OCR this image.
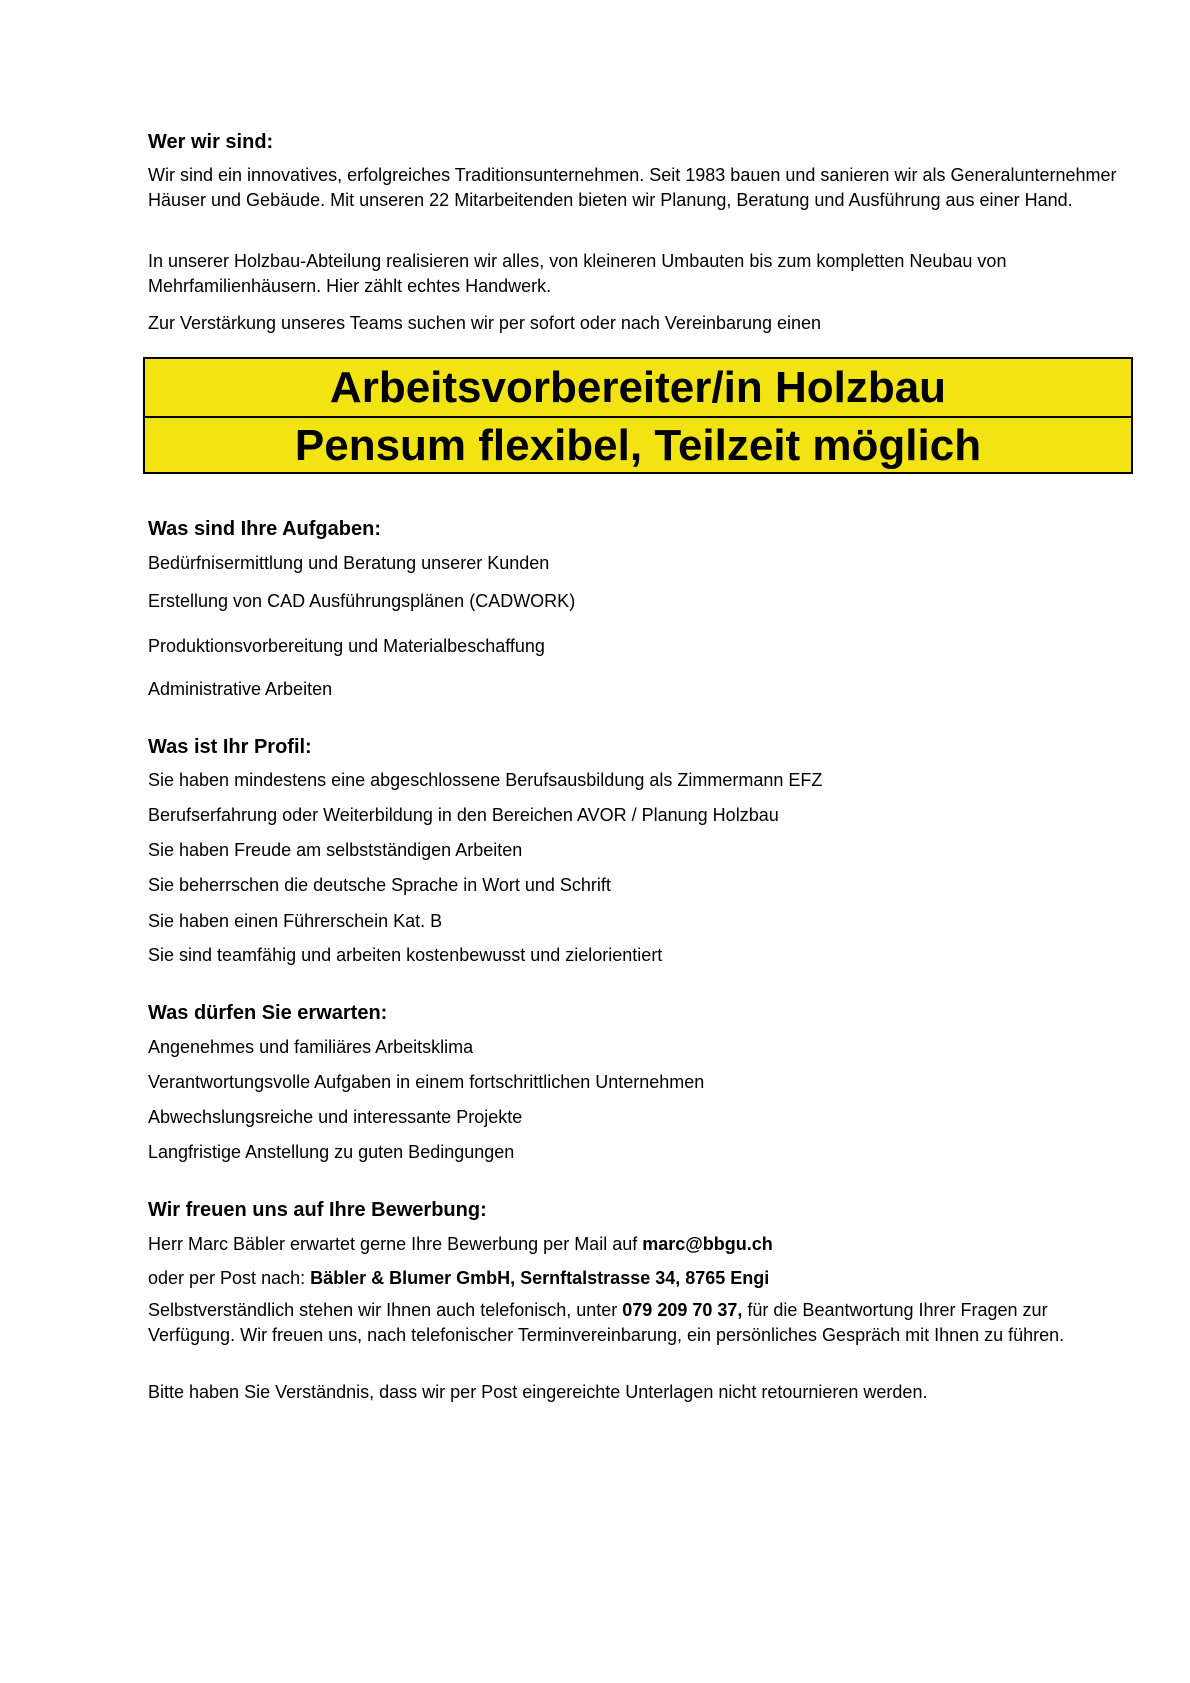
Wer wir sind:

Wir sind ein innovatives, erfolgreiches Traditionsunternehmen. Seit 1983 bauen und sanieren wir als Generalunternehmer Häuser und Gebäude. Mit unseren 22 Mitarbeitenden bieten wir Planung, Beratung und Ausführung aus einer Hand.

In unserer Holzbau-Abteilung realisieren wir alles, von kleineren Umbauten bis zum kompletten Neubau von Mehrfamilienhäusern. Hier zählt echtes Handwerk.

Zur Verstärkung unseres Teams suchen wir per sofort oder nach Vereinbarung einen

Was sind Ihre Aufgaben:

Bedürfnisermittlung und Beratung unserer Kunden

Erstellung von CAD Ausführungsplänen (CADWORK)

Produktionsvorbereitung und Materialbeschaffung

Administrative Arbeiten

Was ist Ihr Profil:

Sie haben mindestens eine abgeschlossene Berufsausbildung als Zimmermann EFZ

Berufserfahrung oder Weiterbildung in den Bereichen AVOR / Planung Holzbau

Sie haben Freude am selbstständigen Arbeiten

Sie beherrschen die deutsche Sprache in Wort und Schrift

Sie haben einen Führerschein Kat. B

Sie sind teamfähig und arbeiten kostenbewusst und zielorientiert

Was dürfen Sie erwarten:

Angenehmes und familiäres Arbeitsklima

Verantwortungsvolle Aufgaben in einem fortschrittlichen Unternehmen

Abwechslungsreiche und interessante Projekte

Langfristige Anstellung zu guten Bedingungen

Wir freuen uns auf Ihre Bewerbung:

Herr Marc Bäbler erwartet gerne Ihre Bewerbung per Mail auf marc@bbgu.ch

oder per Post nach: Bäbler & Blumer GmbH, Sernftalstrasse 34, 8765 Engi

Selbstverständlich stehen wir Ihnen auch telefonisch, unter 079 209 70 37, für die Beantwortung Ihrer Fragen zur Verfügung. Wir freuen uns, nach telefonischer Terminvereinbarung, ein persönliches Gespräch mit Ihnen zu führen.

Bitte haben Sie Verständnis, dass wir per Post eingereichte Unterlagen nicht retournieren werden.

Arbeitsvorbereiter/in Holzbau
Pensum flexibel, Teilzeit möglich
